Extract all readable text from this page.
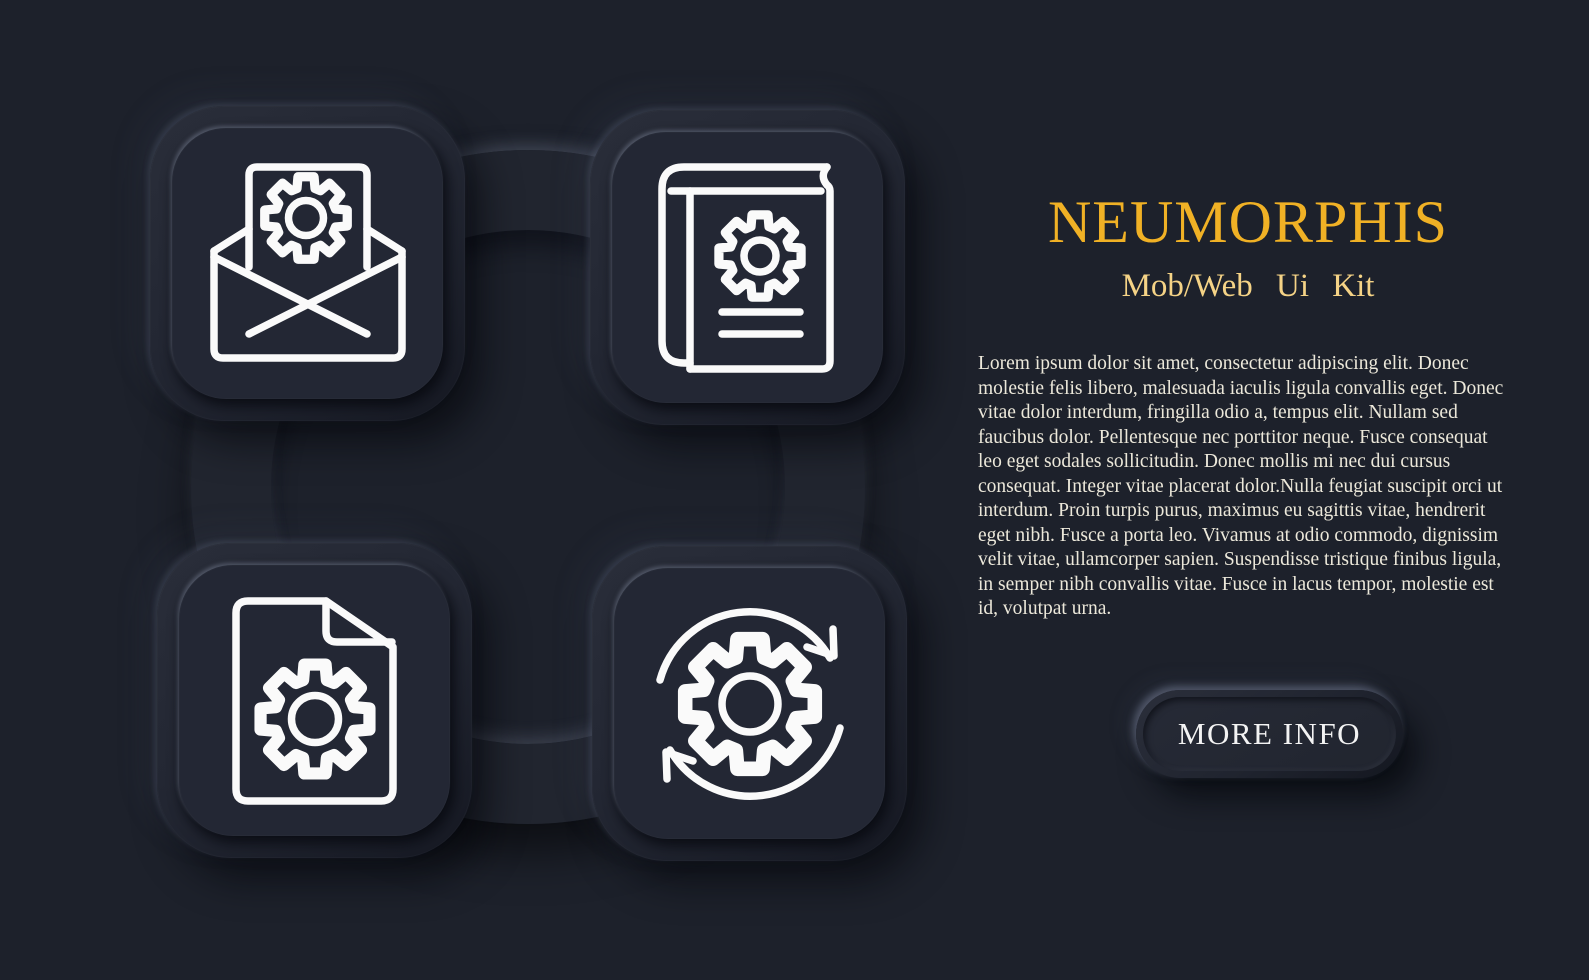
NEUMORPHIS
Mob/Web Ui Kit

Lorem ipsum dolor sit amet, consectetur adipiscing elit. Donec molestie felis libero, malesuada iaculis ligula convallis eget. Donec vitae dolor interdum, fringilla odio a, tempus elit. Nullam sed faucibus dolor. Pellentesque nec porttitor neque. Fusce consequat leo eget sodales sollicitudin. Donec mollis mi nec dui cursus consequat. Integer vitae placerat dolor.Nulla feugiat suscipit orci ut interdum. Proin turpis purus, maximus eu sagittis vitae, hendrerit eget nibh. Fusce a porta leo. Vivamus at odio commodo, dignissim velit vitae, ullamcorper sapien. Suspendisse tristique finibus ligula, in semper nibh convallis vitae. Fusce in lacus tempor, molestie est id, volutpat urna.

MORE INFO
